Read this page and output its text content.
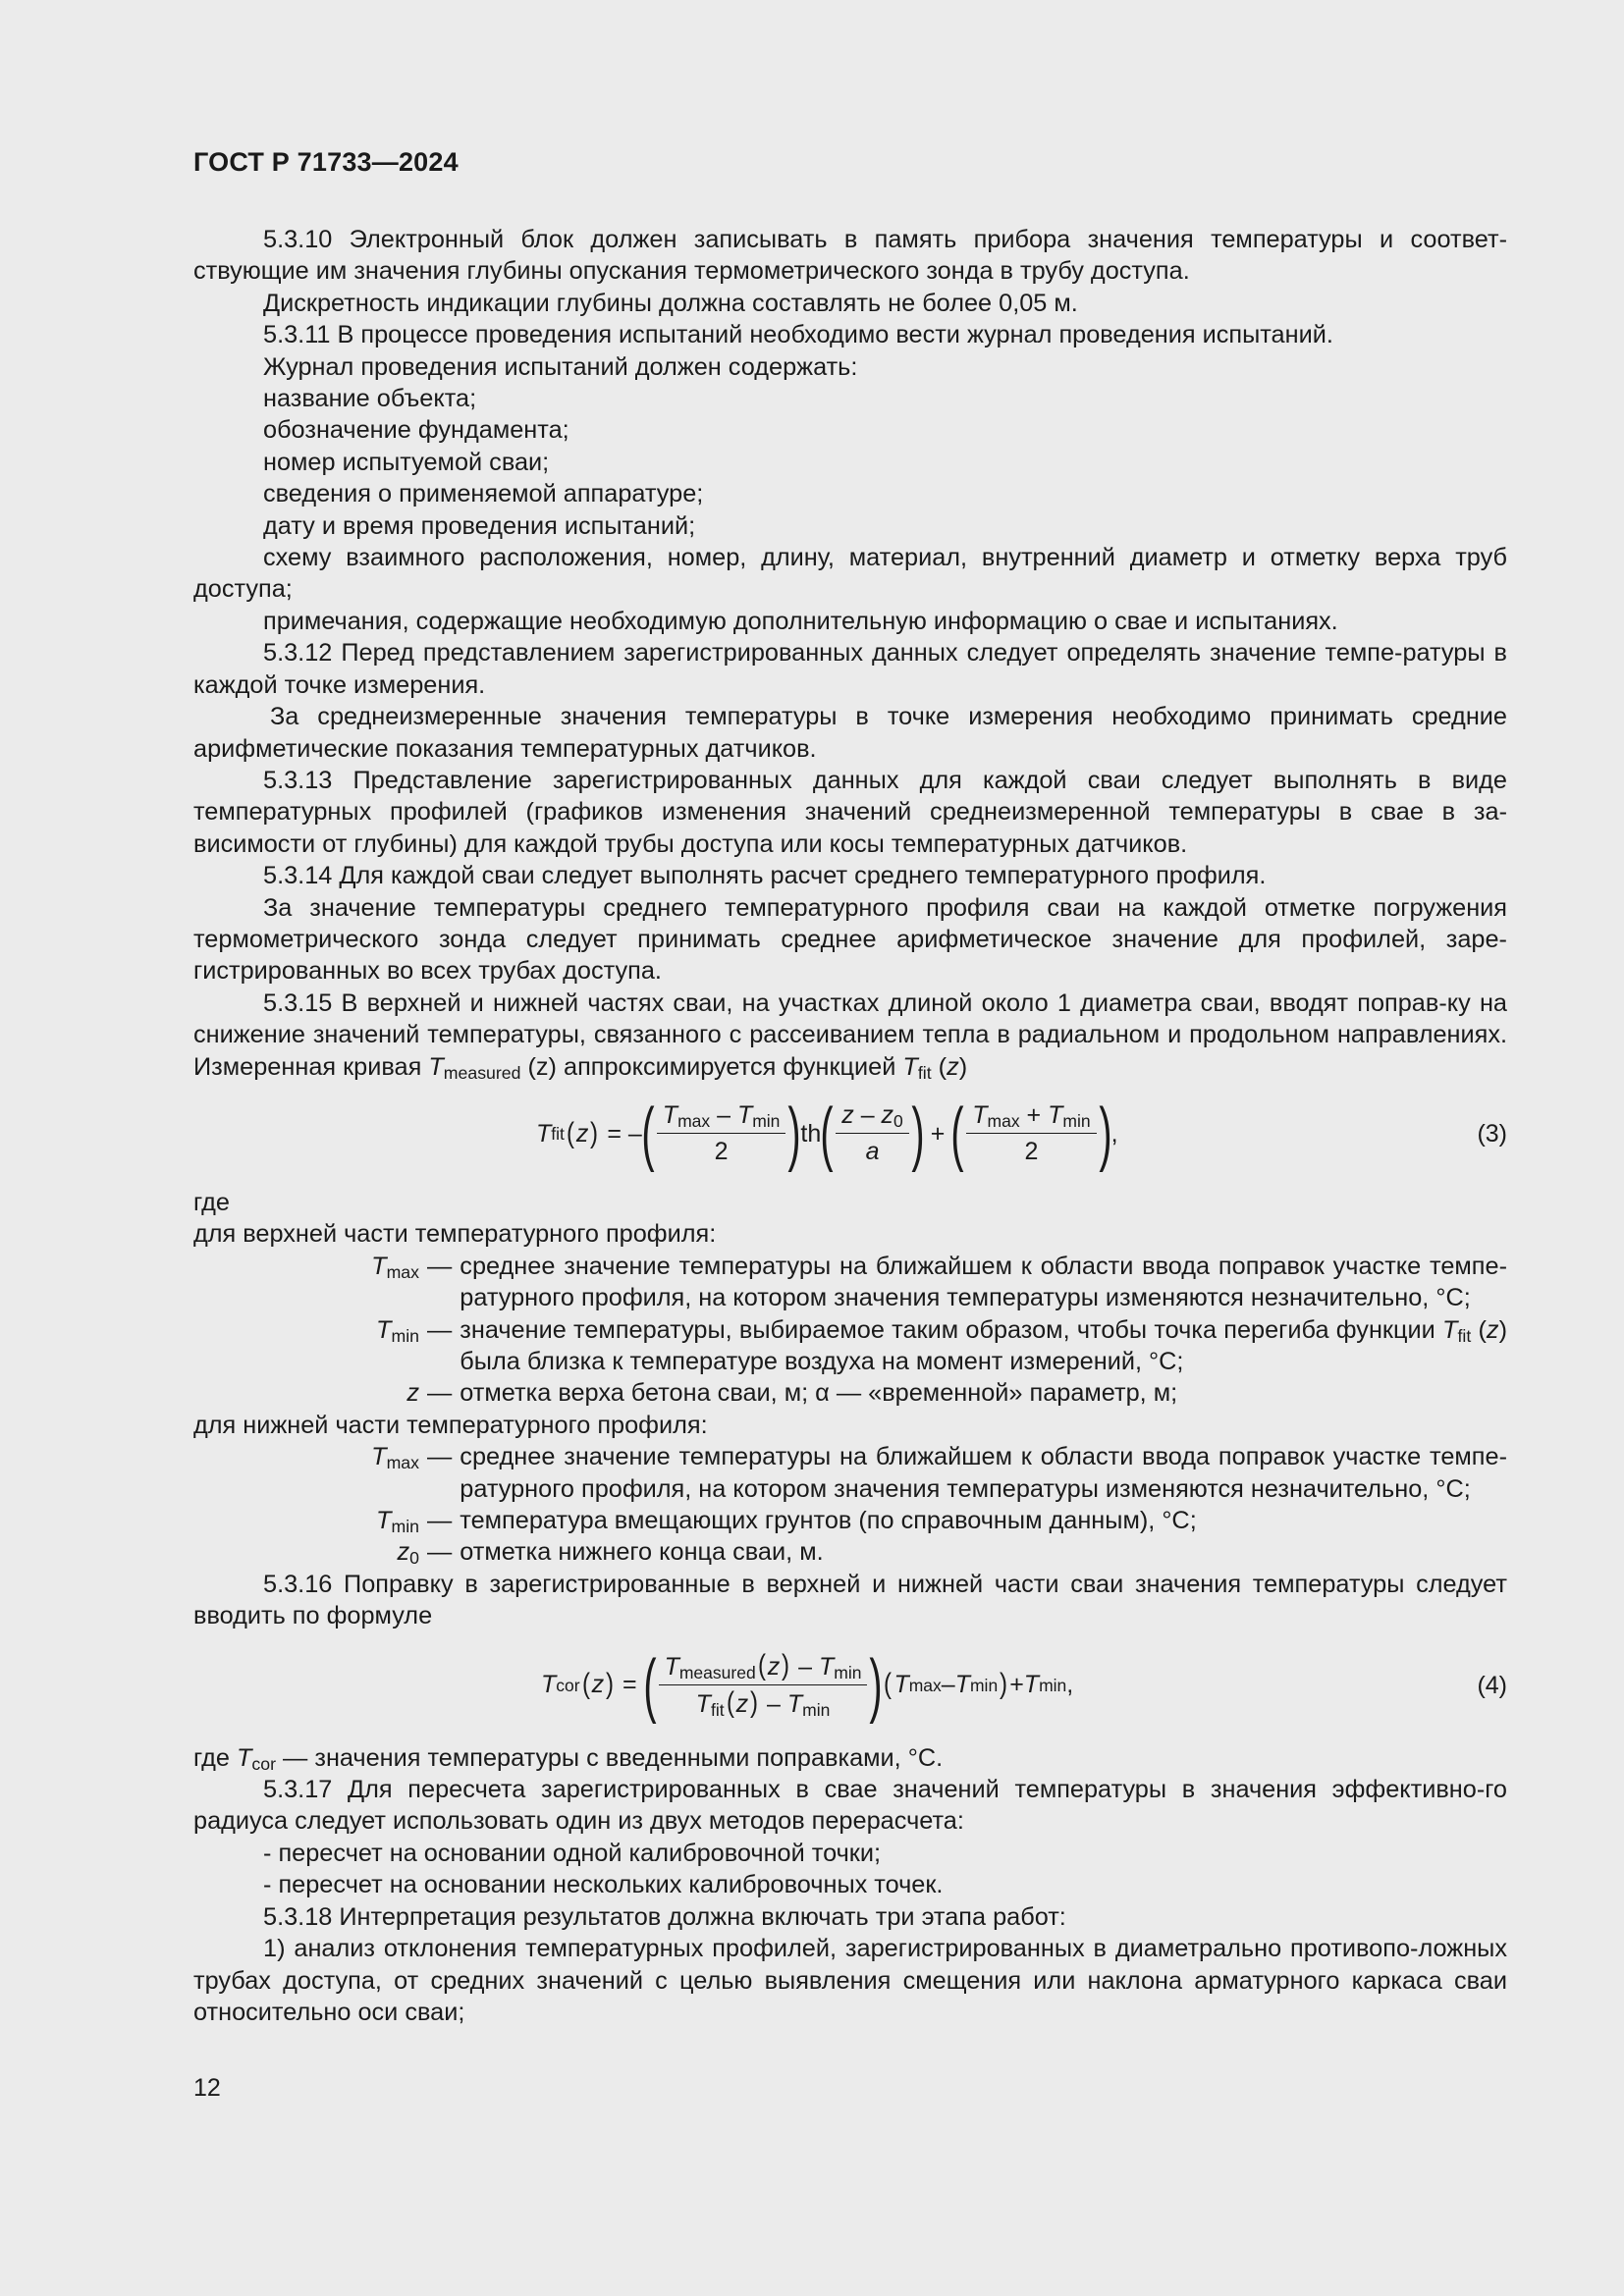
ГОСТ Р 71733—2024

5.3.10 Электронный блок должен записывать в память прибора значения температуры и соответ-ствующие им значения глубины опускания термометрического зонда в трубу доступа.

Дискретность индикации глубины должна составлять не более 0,05 м.

5.3.11 В процессе проведения испытаний необходимо вести журнал проведения испытаний.

Журнал проведения испытаний должен содержать:

название объекта;

обозначение фундамента;

номер испытуемой сваи;

сведения о применяемой аппаратуре;

дату и время проведения испытаний;

схему взаимного расположения, номер, длину, материал, внутренний диаметр и отметку верха труб доступа;

примечания, содержащие необходимую дополнительную информацию о свае и испытаниях.

5.3.12 Перед представлением зарегистрированных данных следует определять значение темпе-ратуры в каждой точке измерения.

За среднеизмеренные значения температуры в точке измерения необходимо принимать средние арифметические показания температурных датчиков.

5.3.13 Представление зарегистрированных данных для каждой сваи следует выполнять в виде температурных профилей (графиков изменения значений среднеизмеренной температуры в свае в за-висимости от глубины) для каждой трубы доступа или косы температурных датчиков.

5.3.14 Для каждой сваи следует выполнять расчет среднего температурного профиля.

За значение температуры среднего температурного профиля сваи на каждой отметке погружения термометрического зонда следует принимать среднее арифметическое значение для профилей, заре-гистрированных во всех трубах доступа.

5.3.15 В верхней и нижней частях сваи, на участках длиной около 1 диаметра сваи, вводят поправ-ку на снижение значений температуры, связанного с рассеиванием тепла в радиальном и продольном направлениях. Измеренная кривая $T_{measured}$ (z) аппроксимируется функцией $T_{fit}$ (z)

T fit ( z ) = – ( $\frac{T_{max} - T_{min}}{2}$ ) th ( $\frac{z - z_0}{a}$ ) + ( $\frac{T_{max} + T_{min}}{2}$ ) ,	(3)

где

для верхней части температурного профиля:

$T_{max}$ — среднее значение температуры на ближайшем к области ввода поправок участке темпе-ратурного профиля, на котором значения температуры изменяются незначительно, °С;
$T_{min}$ — значение температуры, выбираемое таким образом, чтобы точка перегиба функции $T_{fit}$ (z) была близка к температуре воздуха на момент измерений, °С;
z — отметка верха бетона сваи, м; α — «временной» параметр, м;

для нижней части температурного профиля:

$T_{max}$ — среднее значение температуры на ближайшем к области ввода поправок участке темпе-ратурного профиля, на котором значения температуры изменяются незначительно, °С;
$T_{min}$ — температура вмещающих грунтов (по справочным данным), °С;
$z_0$ — отметка нижнего конца сваи, м.

5.3.16 Поправку в зарегистрированные в верхней и нижней части сваи значения температуры следует вводить по формуле

T cor ( z ) = ( $\frac{T_{measured}(z) - T_{min}}{T_{fit}(z) - T_{min}}$ ) ( T max – T min ) + T min ,	(4)

где $T_{cor}$ — значения температуры с введенными поправками, °С.

5.3.17 Для пересчета зарегистрированных в свае значений температуры в значения эффективно-го радиуса следует использовать один из двух методов перерасчета:

- пересчет на основании одной калибровочной точки;

- пересчет на основании нескольких калибровочных точек.

5.3.18 Интерпретация результатов должна включать три этапа работ:

1) анализ отклонения температурных профилей, зарегистрированных в диаметрально противопо-ложных трубах доступа, от средних значений с целью выявления смещения или наклона арматурного каркаса сваи относительно оси сваи;

12
